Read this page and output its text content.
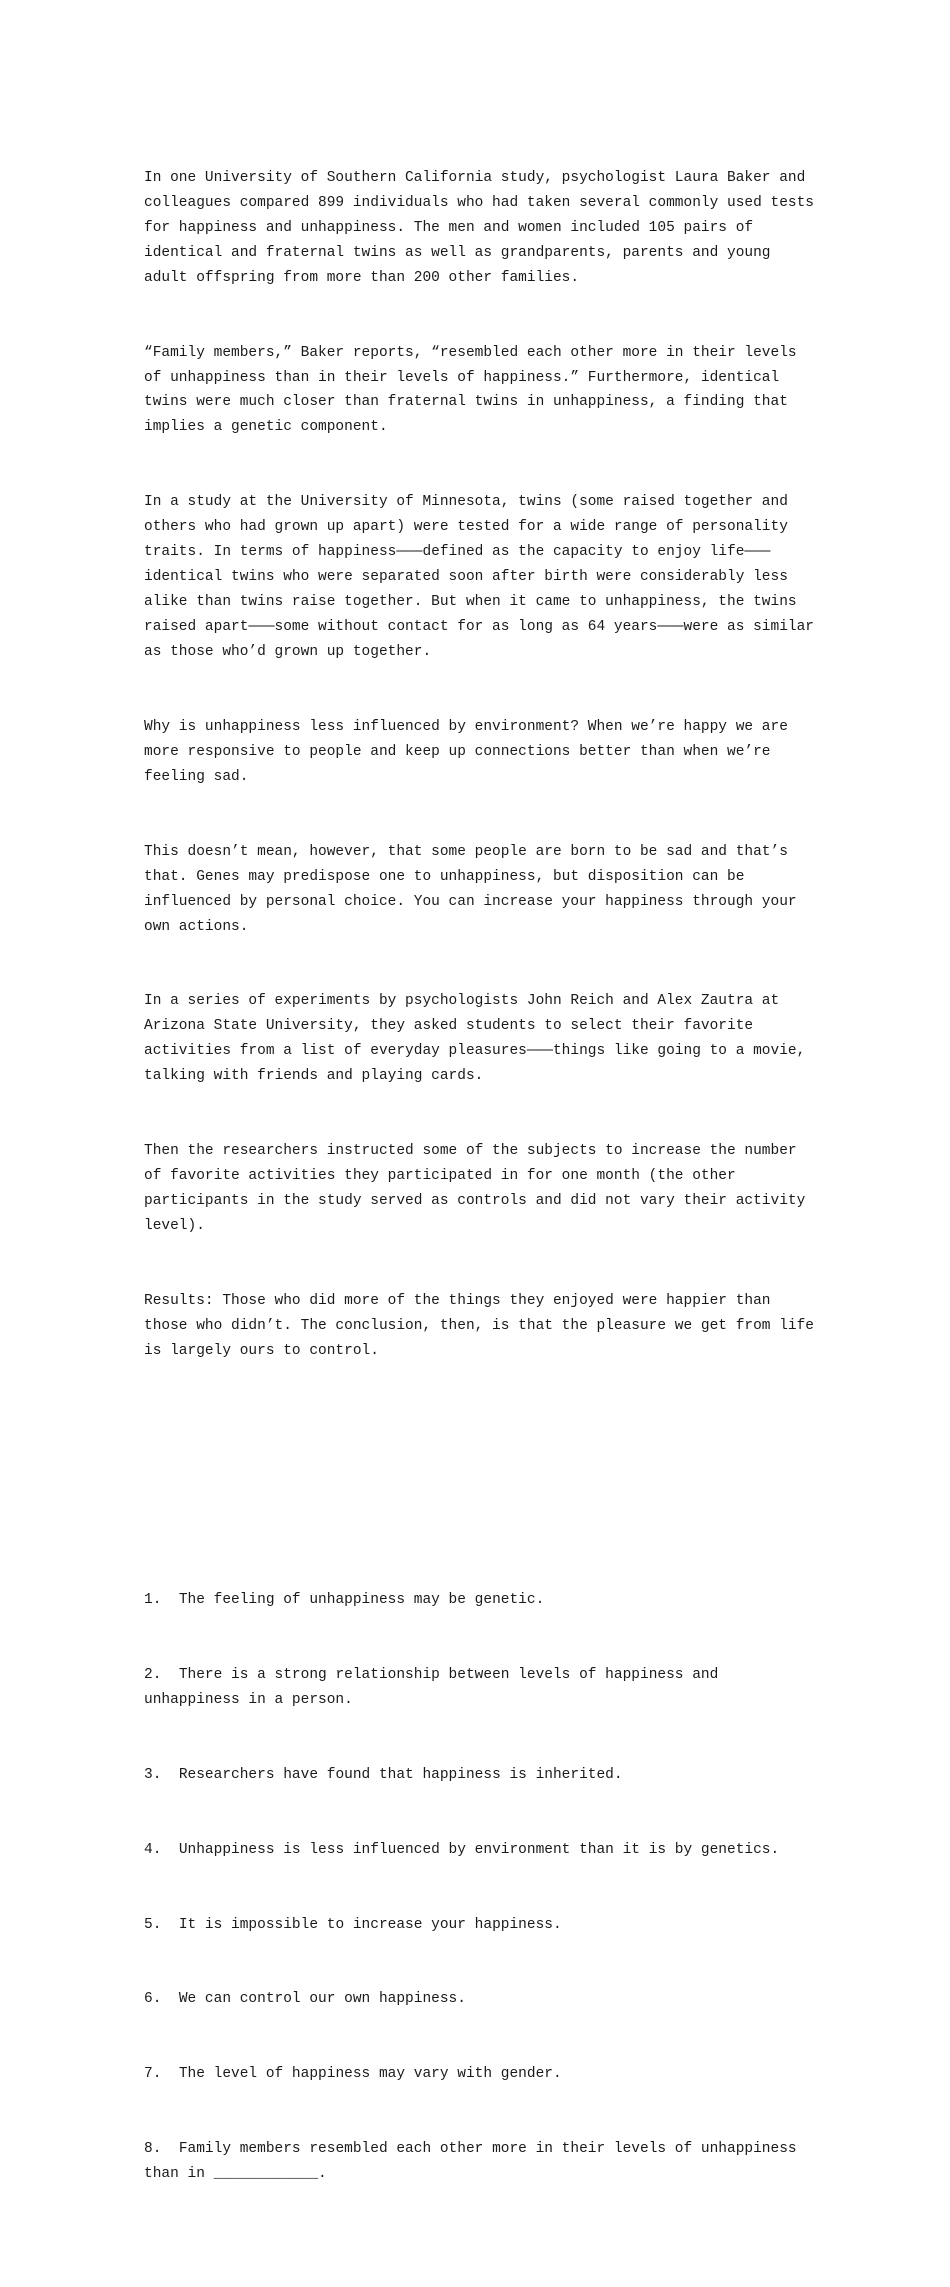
In one University of Southern California study, psychologist Laura Baker and colleagues compared 899 individuals who had taken several commonly used tests for happiness and unhappiness. The men and women included 105 pairs of identical and fraternal twins as well as grandparents, parents and young adult offspring from more than 200 other families.

“Family members,” Baker reports, “resembled each other more in their levels of unhappiness than in their levels of happiness.” Furthermore, identical twins were much closer than fraternal twins in unhappiness, a finding that implies a genetic component.

In a study at the University of Minnesota, twins (some raised together and others who had grown up apart) were tested for a wide range of personality traits. In terms of happiness———defined as the capacity to enjoy life——— identical twins who were separated soon after birth were considerably less alike than twins raise together. But when it came to unhappiness, the twins raised apart———some without contact for as long as 64 years———were as similar as those who’d grown up together.

Why is unhappiness less influenced by environment? When we’re happy we are more responsive to people and keep up connections better than when we’re feeling sad.

This doesn’t mean, however, that some people are born to be sad and that’s that. Genes may predispose one to unhappiness, but disposition can be influenced by personal choice. You can increase your happiness through your own actions.

In a series of experiments by psychologists John Reich and Alex Zautra at Arizona State University, they asked students to select their favorite activities from a list of everyday pleasures———things like going to a movie, talking with friends and playing cards.

Then the researchers instructed some of the subjects to increase the number of favorite activities they participated in for one month (the other participants in the study served as controls and did not vary their activity level).

Results: Those who did more of the things they enjoyed were happier than those who didn’t. The conclusion, then, is that the pleasure we get from life is largely ours to control.

1. The feeling of unhappiness may be genetic.

2. There is a strong relationship between levels of happiness and unhappiness in a person.

3. Researchers have found that happiness is inherited.

4. Unhappiness is less influenced by environment than it is by genetics.

5. It is impossible to increase your happiness.

6. We can control our own happiness.

7. The level of happiness may vary with gender.

8. Family members resembled each other more in their levels of unhappiness than in ____________.
